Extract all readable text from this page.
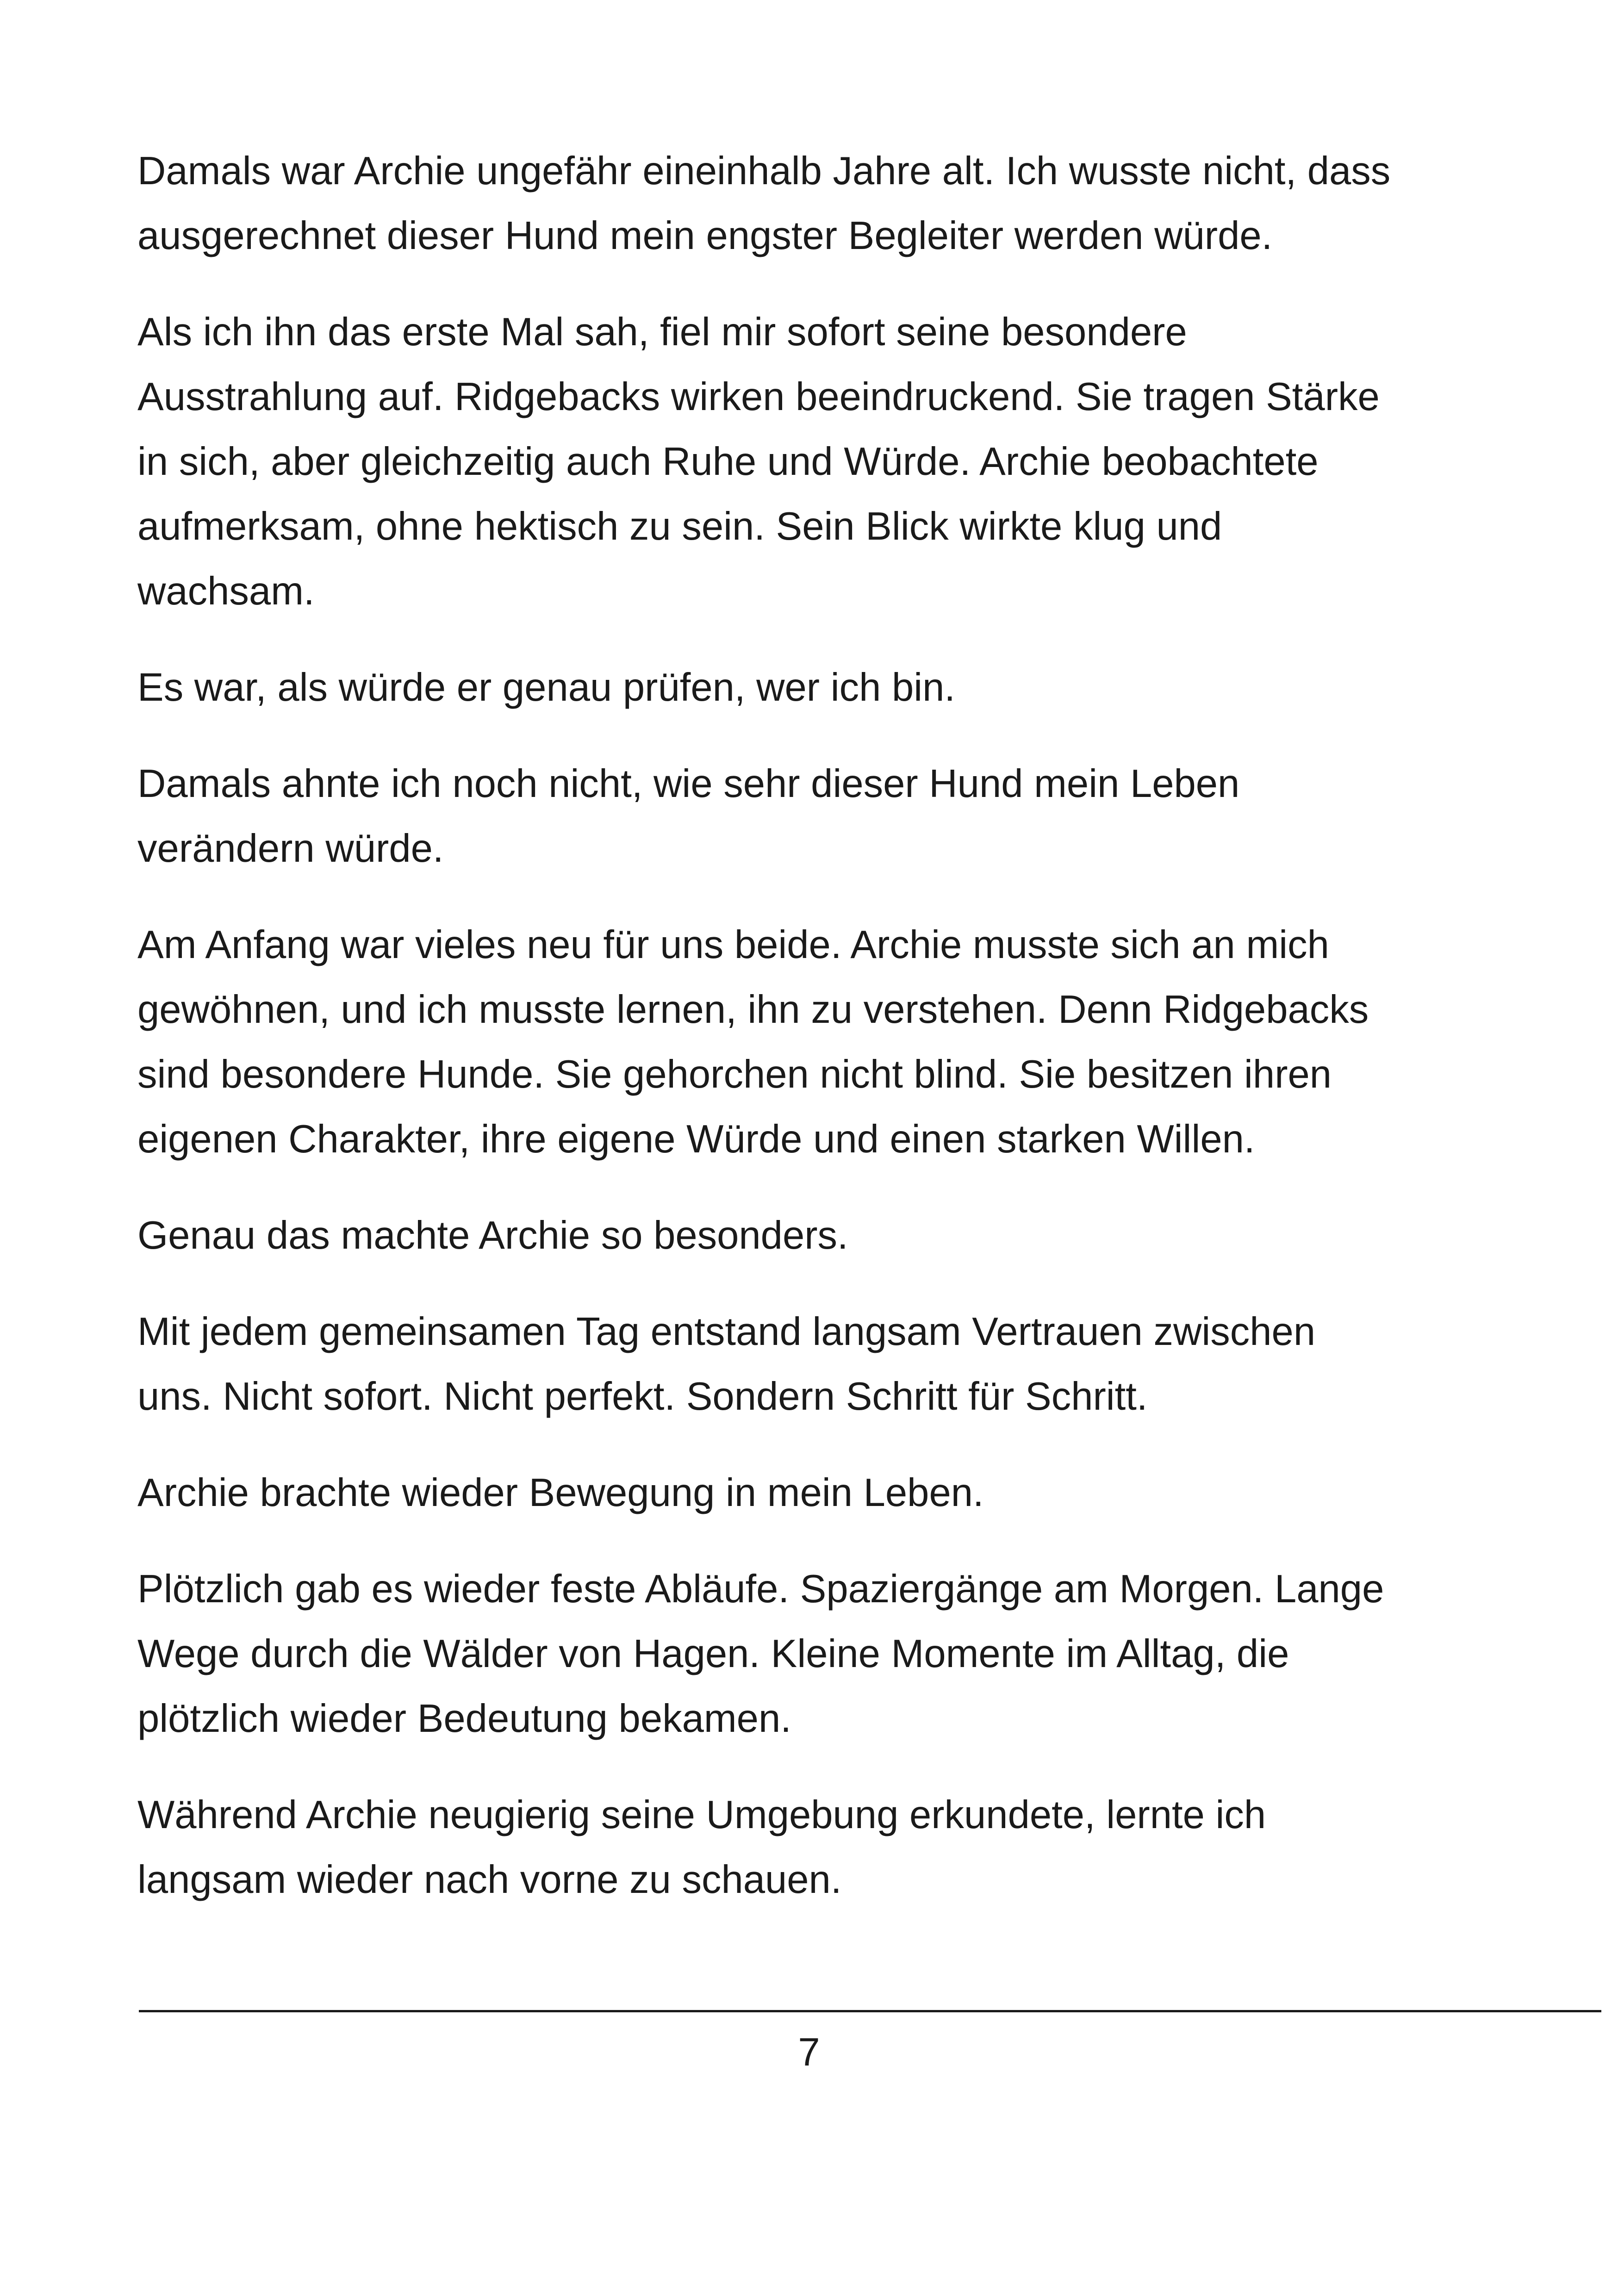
Damals war Archie ungefähr eineinhalb Jahre alt. Ich wusste nicht, dass
ausgerechnet dieser Hund mein engster Begleiter werden würde.

Als ich ihn das erste Mal sah, fiel mir sofort seine besondere
Ausstrahlung auf. Ridgebacks wirken beeindruckend. Sie tragen Stärke
in sich, aber gleichzeitig auch Ruhe und Würde. Archie beobachtete
aufmerksam, ohne hektisch zu sein. Sein Blick wirkte klug und
wachsam.

Es war, als würde er genau prüfen, wer ich bin.

Damals ahnte ich noch nicht, wie sehr dieser Hund mein Leben
verändern würde.

Am Anfang war vieles neu für uns beide. Archie musste sich an mich
gewöhnen, und ich musste lernen, ihn zu verstehen. Denn Ridgebacks
sind besondere Hunde. Sie gehorchen nicht blind. Sie besitzen ihren
eigenen Charakter, ihre eigene Würde und einen starken Willen.

Genau das machte Archie so besonders.

Mit jedem gemeinsamen Tag entstand langsam Vertrauen zwischen
uns. Nicht sofort. Nicht perfekt. Sondern Schritt für Schritt.

Archie brachte wieder Bewegung in mein Leben.

Plötzlich gab es wieder feste Abläufe. Spaziergänge am Morgen. Lange
Wege durch die Wälder von Hagen. Kleine Momente im Alltag, die
plötzlich wieder Bedeutung bekamen.

Während Archie neugierig seine Umgebung erkundete, lernte ich
langsam wieder nach vorne zu schauen.

7
